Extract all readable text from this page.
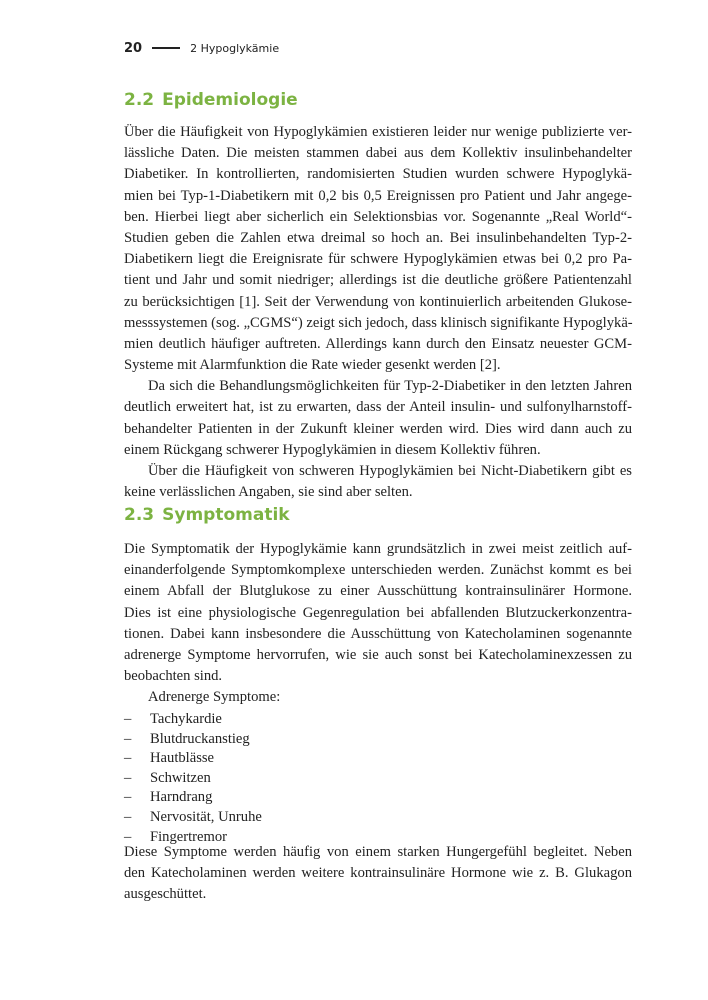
20	2 Hypoglykämie
2.2 Epidemiologie
Über die Häufigkeit von Hypoglykämien existieren leider nur wenige publizierte ver-
lässliche Daten. Die meisten stammen dabei aus dem Kollektiv insulinbehandelter
Diabetiker. In kontrollierten, randomisierten Studien wurden schwere Hypoglykä-
mien bei Typ-1-Diabetikern mit 0,2 bis 0,5 Ereignissen pro Patient und Jahr angege-
ben. Hierbei liegt aber sicherlich ein Selektionsbias vor. Sogenannte „Real World“-
Studien geben die Zahlen etwa dreimal so hoch an. Bei insulinbehandelten Typ-2-
Diabetikern liegt die Ereignisrate für schwere Hypoglykämien etwas bei 0,2 pro Pa-
tient und Jahr und somit niedriger; allerdings ist die deutliche größere Patientenzahl
zu berücksichtigen [1]. Seit der Verwendung von kontinuierlich arbeitenden Glukose-
messsystemen (sog. „CGMS“) zeigt sich jedoch, dass klinisch signifikante Hypoglykä-
mien deutlich häufiger auftreten. Allerdings kann durch den Einsatz neuester GCM-
Systeme mit Alarmfunktion die Rate wieder gesenkt werden [2].
Da sich die Behandlungsmöglichkeiten für Typ-2-Diabetiker in den letzten Jahren
deutlich erweitert hat, ist zu erwarten, dass der Anteil insulin- und sulfonylharnstoff-
behandelter Patienten in der Zukunft kleiner werden wird. Dies wird dann auch zu
einem Rückgang schwerer Hypoglykämien in diesem Kollektiv führen.
Über die Häufigkeit von schweren Hypoglykämien bei Nicht-Diabetikern gibt es
keine verlässlichen Angaben, sie sind aber selten.
2.3 Symptomatik
Die Symptomatik der Hypoglykämie kann grundsätzlich in zwei meist zeitlich auf-
einanderfolgende Symptomkomplexe unterschieden werden. Zunächst kommt es bei
einem Abfall der Blutglukose zu einer Ausschüttung kontrainsulinärer Hormone.
Dies ist eine physiologische Gegenregulation bei abfallenden Blutzuckerkonzentra-
tionen. Dabei kann insbesondere die Ausschüttung von Katecholaminen sogenannte
adrenerge Symptome hervorrufen, wie sie auch sonst bei Katecholaminexzessen zu
beobachten sind.
Adrenerge Symptome:
– Tachykardie
– Blutdruckanstieg
– Hautblässe
– Schwitzen
– Harndrang
– Nervosität, Unruhe
– Fingertremor
Diese Symptome werden häufig von einem starken Hungergefühl begleitet. Neben
den Katecholaminen werden weitere kontrainsulinäre Hormone wie z. B. Glukagon
ausgeschüttet.
